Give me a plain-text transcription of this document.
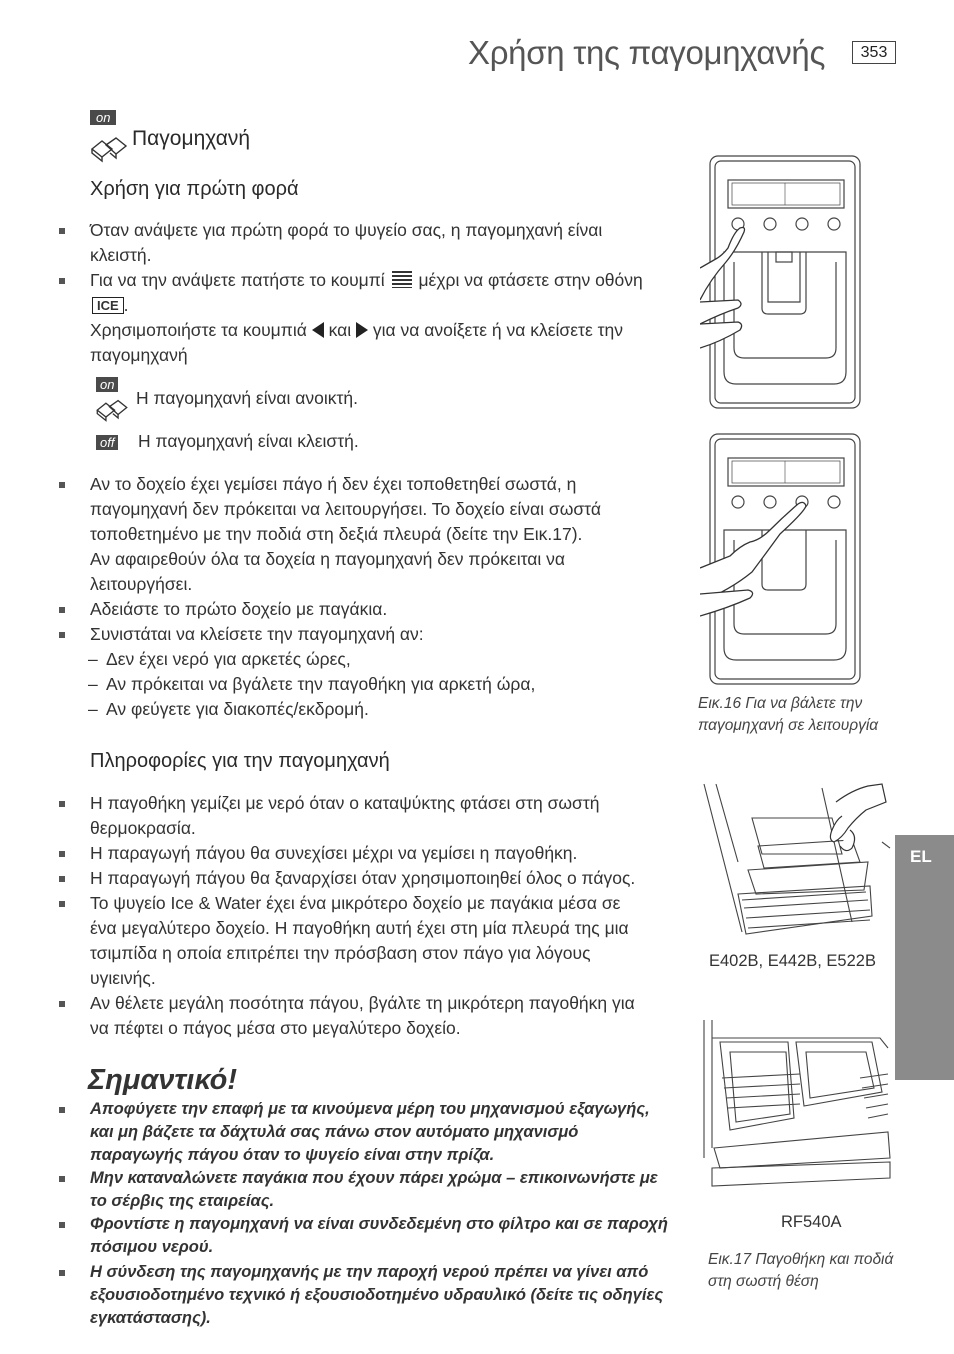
Χρήση της παγομηχανής	353
EL
on
Παγομηχανή
Χρήση για πρώτη φορά
Όταν ανάψετε για πρώτη φορά το ψυγείο σας, η παγομηχανή είναι κλειστή.
Για να την ανάψετε πατήστε το κουμπί μέχρι να φτάσετε στην οθόνη ICE .
Χρησιμοποιήστε τα κουμπιά και για να ανοίξετε ή να κλείσετε την παγομηχανή
on
Η παγομηχανή είναι ανοικτή.
off Η παγομηχανή είναι κλειστή.
Αν το δοχείο έχει γεμίσει πάγο ή δεν έχει τοποθετηθεί σωστά, η παγομηχανή δεν πρόκειται να λειτουργήσει. Το δοχείο είναι σωστά τοποθετημένο με την ποδιά στη δεξιά πλευρά (δείτε την Εικ.17).
Αν αφαιρεθούν όλα τα δοχεία η παγομηχανή δεν πρόκειται να λειτουργήσει.
Αδειάστε το πρώτο δοχείο με παγάκια.
Συνιστάται να κλείσετε την παγομηχανή αν:
– Δεν έχει νερό για αρκετές ώρες,
– Αν πρόκειται να βγάλετε την παγοθήκη για αρκετή ώρα,
– Αν φεύγετε για διακοπές/εκδρομή.
Πληροφορίες για την παγομηχανή
Η παγοθήκη γεμίζει με νερό όταν ο καταψύκτης φτάσει στη σωστή θερμοκρασία.
Η παραγωγή πάγου θα συνεχίσει μέχρι να γεμίσει η παγοθήκη.
Η παραγωγή πάγου θα ξαναρχίσει όταν χρησιμοποιηθεί όλος ο πάγος.
Το ψυγείο Ice & Water έχει ένα μικρότερο δοχείο με παγάκια μέσα σε ένα μεγαλύτερο δοχείο. Η παγοθήκη αυτή έχει στη μία πλευρά της μια τσιμπίδα η οποία επιτρέπει την πρόσβαση στον πάγο για λόγους υγιεινής.
Αν θέλετε μεγάλη ποσότητα πάγου, βγάλτε τη μικρότερη παγοθήκη για να πέφτει ο πάγος μέσα στο μεγαλύτερο δοχείο.
Σημαντικό!
Αποφύγετε την επαφή με τα κινούμενα μέρη του μηχανισμού εξαγωγής, και μη βάζετε τα δάχτυλά σας πάνω στον αυτόματο μηχανισμό παραγωγής πάγου όταν το ψυγείο είναι στην πρίζα.
Μην καταναλώνετε παγάκια που έχουν πάρει χρώμα – επικοινωνήστε με το σέρβις της εταιρείας.
Φροντίστε η παγομηχανή να είναι συνδεδεμένη στο φίλτρο και σε παροχή πόσιμου νερού.
Η σύνδεση της παγομηχανής με την παροχή νερού πρέπει να γίνει από εξουσιοδοτημένο τεχνικό ή εξουσιοδοτημένο υδραυλικό (δείτε τις οδηγίες εγκατάστασης).
Εικ.16 Για να βάλετε την παγομηχανή σε λειτουργία
E402B, E442B, E522B
RF540A
Εικ.17 Παγοθήκη και ποδιά στη σωστή θέση
